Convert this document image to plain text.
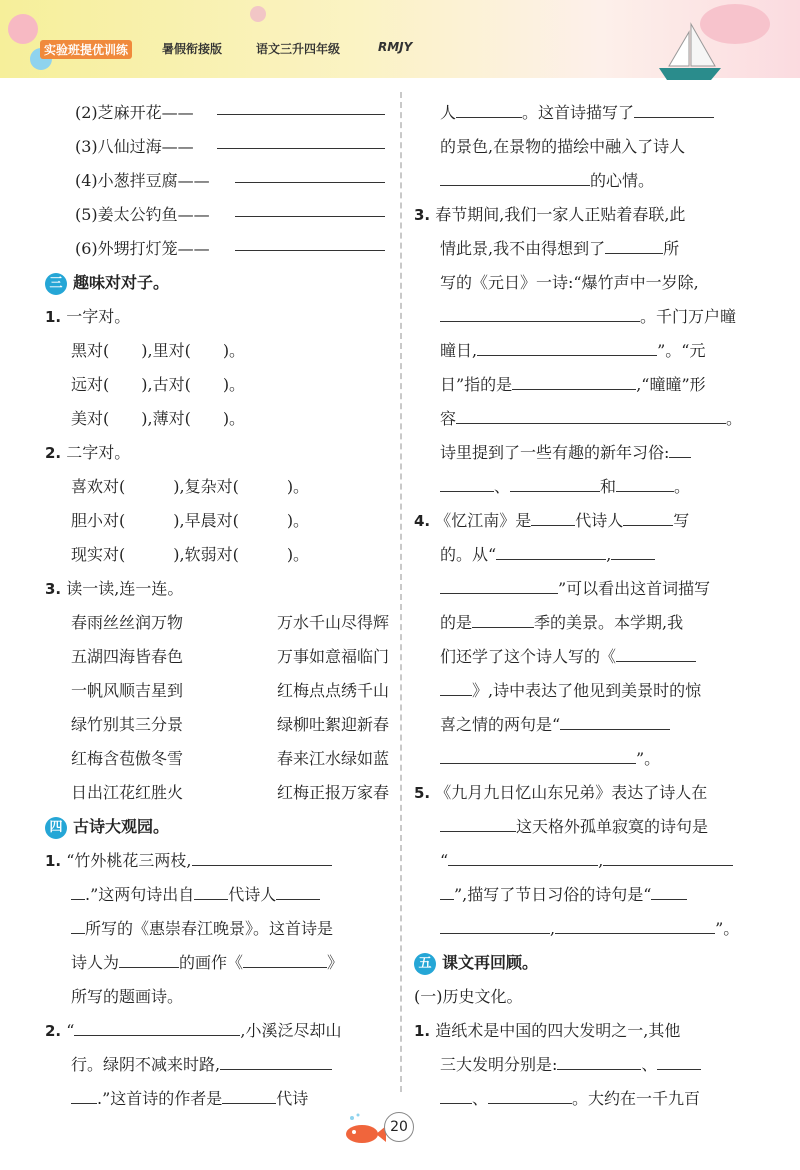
实验班提优训练	暑假衔接版	语文三升四年级	RMJY
(2)芝麻开花——
(3)八仙过海——
(4)小葱拌豆腐——
(5)姜太公钓鱼——
(6)外甥打灯笼——
三 趣味对对子。
1. 一字对。
黑对(　　),里对(　　)。
远对(　　),古对(　　)。
美对(　　),薄对(　　)。
2. 二字对。
喜欢对(　　　),复杂对(　　　)。
胆小对(　　　),早晨对(　　　)。
现实对(　　　),软弱对(　　　)。
3. 读一读,连一连。
春雨丝丝润万物	万水千山尽得辉
五湖四海皆春色	万事如意福临门
一帆风顺吉星到	红梅点点绣千山
绿竹别其三分景	绿柳吐絮迎新春
红梅含苞傲冬雪	春来江水绿如蓝
日出江花红胜火	红梅正报万家春
四 古诗大观园。
1. “竹外桃花三两枝,
.”这两句诗出自 代诗人
所写的《惠崇春江晚景》。这首诗是
诗人为	的画作《	》
所写的题画诗。
2. “	,小溪泛尽却山
行。绿阴不减来时路,
.”这首诗的作者是	代诗
人	。这首诗描写了
的景色,在景物的描绘中融入了诗人
的心情。
3. 春节期间,我们一家人正贴着春联,此
情此景,我不由得想到了	所
写的《元日》一诗:“爆竹声中一岁除,
。千门万户曈
曈日,	”。“元
日”指的是	,“曈曈”形
容	。
诗里提到了一些有趣的新年习俗:
、	和	。
4. 《忆江南》是	代诗人	写
的。从“	,
”可以看出这首词描写
的是	季的美景。本学期,我
们还学了这个诗人写的《
》,诗中表达了他见到美景时的惊
喜之情的两句是“
”。
5. 《九月九日忆山东兄弟》表达了诗人在
这天格外孤单寂寞的诗句是
“	,
”,描写了节日习俗的诗句是“
,	”。
五 课文再回顾。
(一)历史文化。
1. 造纸术是中国的四大发明之一,其他
三大发明分别是:	、
、	。大约在一千九百
20
